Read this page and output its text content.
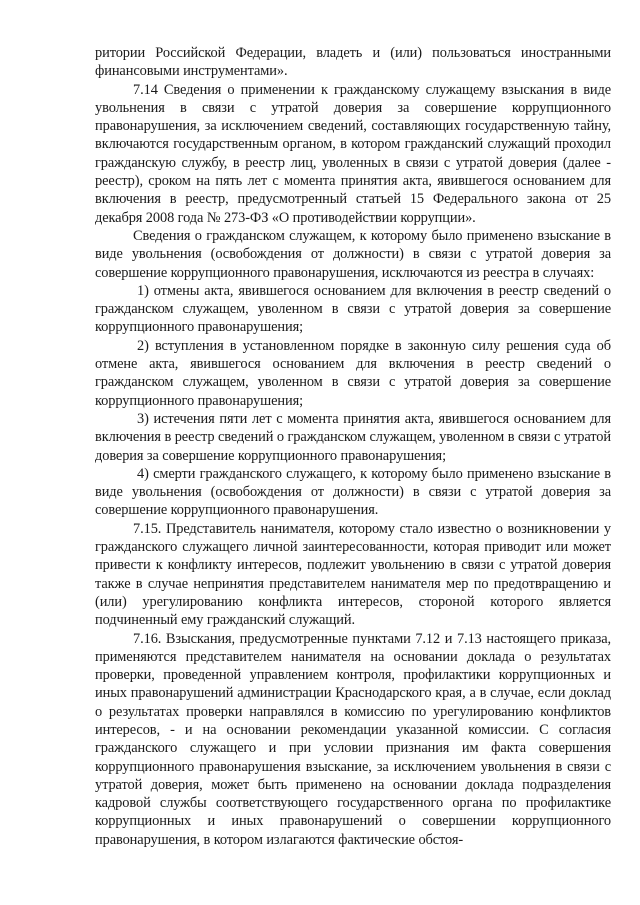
ритории Российской Федерации, владеть и (или) пользоваться иностранными финансовыми инструментами».

7.14 Сведения о применении к гражданскому служащему взыскания в виде увольнения в связи с утратой доверия за совершение коррупционного правонарушения, за исключением сведений, составляющих государственную тайну, включаются государственным органом, в котором гражданский служащий проходил гражданскую службу, в реестр лиц, уволенных в связи с утратой доверия (далее - реестр), сроком на пять лет с момента принятия акта, явившегося основанием для включения в реестр, предусмотренный статьей 15 Федерального закона от 25 декабря 2008 года № 273-ФЗ «О противодействии коррупции».

Сведения о гражданском служащем, к которому было применено взыскание в виде увольнения (освобождения от должности) в связи с утратой доверия за совершение коррупционного правонарушения, исключаются из реестра в случаях:

1) отмены акта, явившегося основанием для включения в реестр сведений о гражданском служащем, уволенном в связи с утратой доверия за совершение коррупционного правонарушения;

2) вступления в установленном порядке в законную силу решения суда об отмене акта, явившегося основанием для включения в реестр сведений о гражданском служащем, уволенном в связи с утратой доверия за совершение коррупционного правонарушения;

3) истечения пяти лет с момента принятия акта, явившегося основанием для включения в реестр сведений о гражданском служащем, уволенном в связи с утратой доверия за совершение коррупционного правонарушения;

4) смерти гражданского служащего, к которому было применено взыскание в виде увольнения (освобождения от должности) в связи с утратой доверия за совершение коррупционного правонарушения.

7.15. Представитель нанимателя, которому стало известно о возникновении у гражданского служащего личной заинтересованности, которая приводит или может привести к конфликту интересов, подлежит увольнению в связи с утратой доверия также в случае непринятия представителем нанимателя мер по предотвращению и (или) урегулированию конфликта интересов, стороной которого является подчиненный ему гражданский служащий.

7.16. Взыскания, предусмотренные пунктами 7.12 и 7.13 настоящего приказа, применяются представителем нанимателя на основании доклада о результатах проверки, проведенной управлением контроля, профилактики коррупционных и иных правонарушений администрации Краснодарского края, а в случае, если доклад о результатах проверки направлялся в комиссию по урегулированию конфликтов интересов, - и на основании рекомендации указанной комиссии. С согласия гражданского служащего и при условии признания им факта совершения коррупционного правонарушения взыскание, за исключением увольнения в связи с утратой доверия, может быть применено на основании доклада подразделения кадровой службы соответствующего государственного органа по профилактике коррупционных и иных правонарушений о совершении коррупционного правонарушения, в котором излагаются фактические обстоя-
